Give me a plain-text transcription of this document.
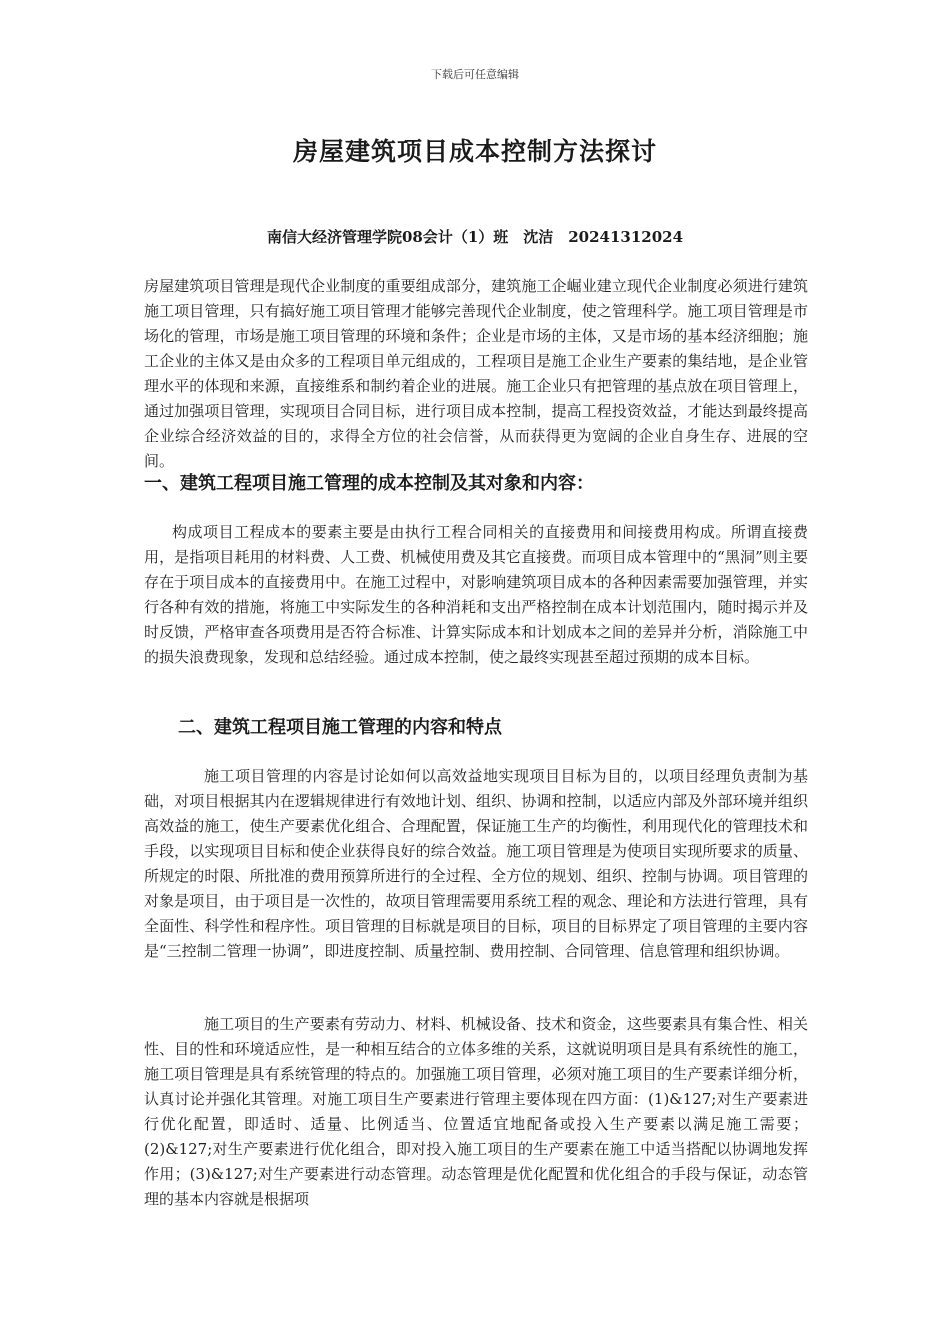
下载后可任意编辑
房屋建筑项目成本控制方法探讨
南信大经济管理学院08会计（1）班　沈洁　20241312024
房屋建筑项目管理是现代企业制度的重要组成部分，建筑施工企崛业建立现代企业制度必须进行建筑施工项目管理，只有搞好施工项目管理才能够完善现代企业制度，使之管理科学。施工项目管理是市场化的管理，市场是施工项目管理的环境和条件；企业是市场的主体，又是市场的基本经济细胞；施工企业的主体又是由众多的工程项目单元组成的，工程项目是施工企业生产要素的集结地，是企业管理水平的体现和来源，直接维系和制约着企业的进展。施工企业只有把管理的基点放在项目管理上，通过加强项目管理，实现项目合同目标，进行项目成本控制，提高工程投资效益，才能达到最终提高企业综合经济效益的目的，求得全方位的社会信誉，从而获得更为宽阔的企业自身生存、进展的空间。
一、建筑工程项目施工管理的成本控制及其对象和内容：
构成项目工程成本的要素主要是由执行工程合同相关的直接费用和间接费用构成。所谓直接费用，是指项目耗用的材料费、人工费、机械使用费及其它直接费。而项目成本管理中的“黑洞”则主要存在于项目成本的直接费用中。在施工过程中，对影响建筑项目成本的各种因素需要加强管理，并实行各种有效的措施，将施工中实际发生的各种消耗和支出严格控制在成本计划范围内，随时揭示并及时反馈，严格审查各项费用是否符合标准、计算实际成本和计划成本之间的差异并分析，消除施工中的损失浪费现象，发现和总结经验。通过成本控制，使之最终实现甚至超过预期的成本目标。
二、建筑工程项目施工管理的内容和特点
施工项目管理的内容是讨论如何以高效益地实现项目目标为目的，以项目经理负责制为基础，对项目根据其内在逻辑规律进行有效地计划、组织、协调和控制，以适应内部及外部环境并组织高效益的施工，使生产要素优化组合、合理配置，保证施工生产的均衡性，利用现代化的管理技术和手段，以实现项目目标和使企业获得良好的综合效益。施工项目管理是为使项目实现所要求的质量、所规定的时限、所批准的费用预算所进行的全过程、全方位的规划、组织、控制与协调。项目管理的对象是项目，由于项目是一次性的，故项目管理需要用系统工程的观念、理论和方法进行管理，具有全面性、科学性和程序性。项目管理的目标就是项目的目标，项目的目标界定了项目管理的主要内容是“三控制二管理一协调”，即进度控制、质量控制、费用控制、合同管理、信息管理和组织协调。
施工项目的生产要素有劳动力、材料、机械设备、技术和资金，这些要素具有集合性、相关性、目的性和环境适应性，是一种相互结合的立体多维的关系，这就说明项目是具有系统性的施工，施工项目管理是具有系统管理的特点的。加强施工项目管理，必须对施工项目的生产要素详细分析，认真讨论并强化其管理。对施工项目生产要素进行管理主要体现在四方面：(1)&127;对生产要素进行优化配置，即适时、适量、比例适当、位置适宜地配备或投入生产要素以满足施工需要；(2)&127;对生产要素进行优化组合，即对投入施工项目的生产要素在施工中适当搭配以协调地发挥作用；(3)&127;对生产要素进行动态管理。动态管理是优化配置和优化组合的手段与保证，动态管理的基本内容就是根据项
